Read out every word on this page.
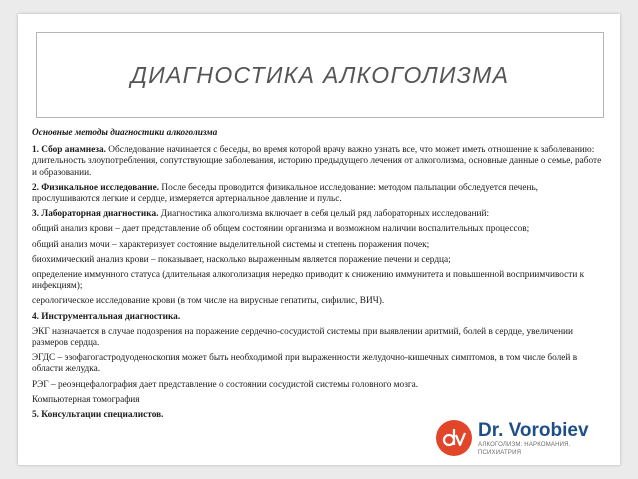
ДИАГНОСТИКА АЛКОГОЛИЗМА

Основные методы диагностики алкоголизма

1. Сбор анамнеза. Обследование начинается с беседы, во время которой врачу важно узнать все, что может иметь отношение к заболеванию: длительность злоупотребления, сопутствующие заболевания, историю предыдущего лечения от алкоголизма, основные данные о семье, работе и образовании.

2. Физикальное исследование. После беседы проводится физикальное исследование: методом пальпации обследуется печень, прослушиваются легкие и сердце, измеряется артериальное давление и пульс.

3. Лабораторная диагностика. Диагностика алкоголизма включает в себя целый ряд лабораторных исследований:

общий анализ крови – дает представление об общем состоянии организма и возможном наличии воспалительных процессов;

общий анализ мочи – характеризует состояние выделительной системы и степень поражения почек;

биохимический анализ крови – показывает, насколько выраженным является поражение печени и сердца;

определение иммунного статуса (длительная алкоголизация нередко приводит к снижению иммунитета и повышенной восприимчивости к инфекциям);

серологическое исследование крови (в том числе на вирусные гепатиты, сифилис, ВИЧ).

4. Инструментальная диагностика.

ЭКГ назначается в случае подозрения на поражение сердечно-сосудистой системы при выявлении аритмий, болей в сердце, увеличении размеров сердца.

ЭГДС – эзофагогастродуоденоскопия может быть необходимой при выраженности желудочно-кишечных симптомов, в том числе болей в области желудка.

РЭГ – реоэнцефалография дает представление о состоянии сосудистой системы головного мозга.

Компьютерная томография

5. Консультации специалистов.

Dr. Vorobiev
АЛКОГОЛИЗМ. НАРКОМАНИЯ. ПСИХИАТРИЯ
